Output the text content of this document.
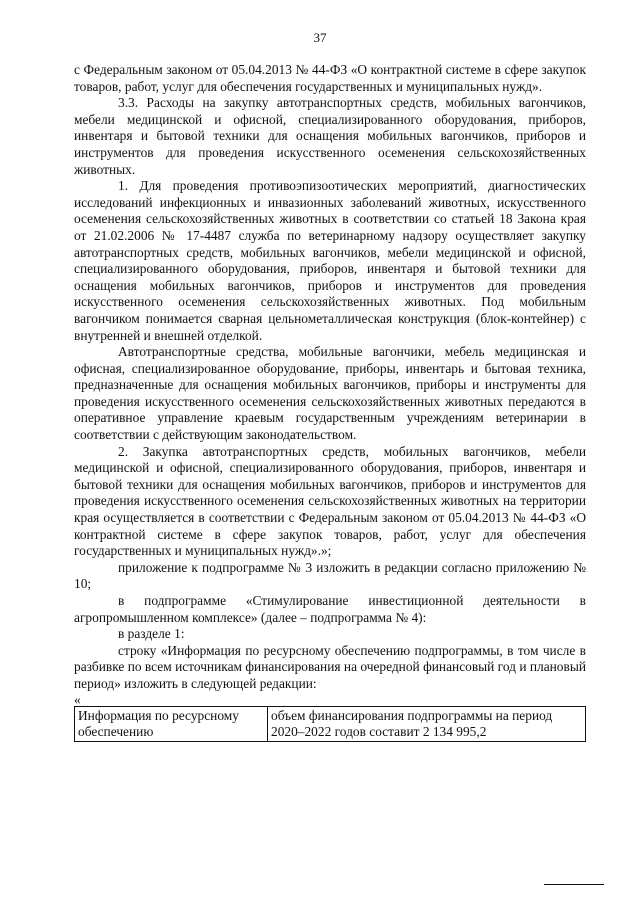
37

с Федеральным законом от 05.04.2013 № 44-ФЗ «О контрактной системе в сфере закупок товаров, работ, услуг для обеспечения государственных и муниципальных нужд».

3.3. Расходы на закупку автотранспортных средств, мобильных вагончиков, мебели медицинской и офисной, специализированного оборудования, приборов, инвентаря и бытовой техники для оснащения мобильных вагончиков, приборов и инструментов для проведения искусственного осеменения сельскохозяйственных животных.

1. Для проведения противоэпизоотических мероприятий, диагностических исследований инфекционных и инвазионных заболеваний животных, искусственного осеменения сельскохозяйственных животных в соответствии со статьей 18 Закона края от 21.02.2006 № 17-4487 служба по ветеринарному надзору осуществляет закупку автотранспортных средств, мобильных вагончиков, мебели медицинской и офисной, специализированного оборудования, приборов, инвентаря и бытовой техники для оснащения мобильных вагончиков, приборов и инструментов для проведения искусственного осеменения сельскохозяйственных животных. Под мобильным вагончиком понимается сварная цельнометаллическая конструкция (блок-контейнер) с внутренней и внешней отделкой.

Автотранспортные средства, мобильные вагончики, мебель медицинская и офисная, специализированное оборудование, приборы, инвентарь и бытовая техника, предназначенные для оснащения мобильных вагончиков, приборы и инструменты для проведения искусственного осеменения сельскохозяйственных животных передаются в оперативное управление краевым государственным учреждениям ветеринарии в соответствии с действующим законодательством.

2. Закупка автотранспортных средств, мобильных вагончиков, мебели медицинской и офисной, специализированного оборудования, приборов, инвентаря и бытовой техники для оснащения мобильных вагончиков, приборов и инструментов для проведения искусственного осеменения сельскохозяйственных животных на территории края осуществляется в соответствии с Федеральным законом от 05.04.2013 № 44-ФЗ «О контрактной системе в сфере закупок товаров, работ, услуг для обеспечения государственных и муниципальных нужд».»;

приложение к подпрограмме № 3 изложить в редакции согласно приложению № 10;

в подпрограмме «Стимулирование инвестиционной деятельности в агропромышленном комплексе» (далее – подпрограмма № 4):

в разделе 1:

строку «Информация по ресурсному обеспечению подпрограммы, в том числе в разбивке по всем источникам финансирования на очередной финансовый год и плановый период» изложить в следующей редакции:

«

Информация по ресурсному обеспечению	объем финансирования подпрограммы на период 2020–2022 годов составит 2 134 995,2
